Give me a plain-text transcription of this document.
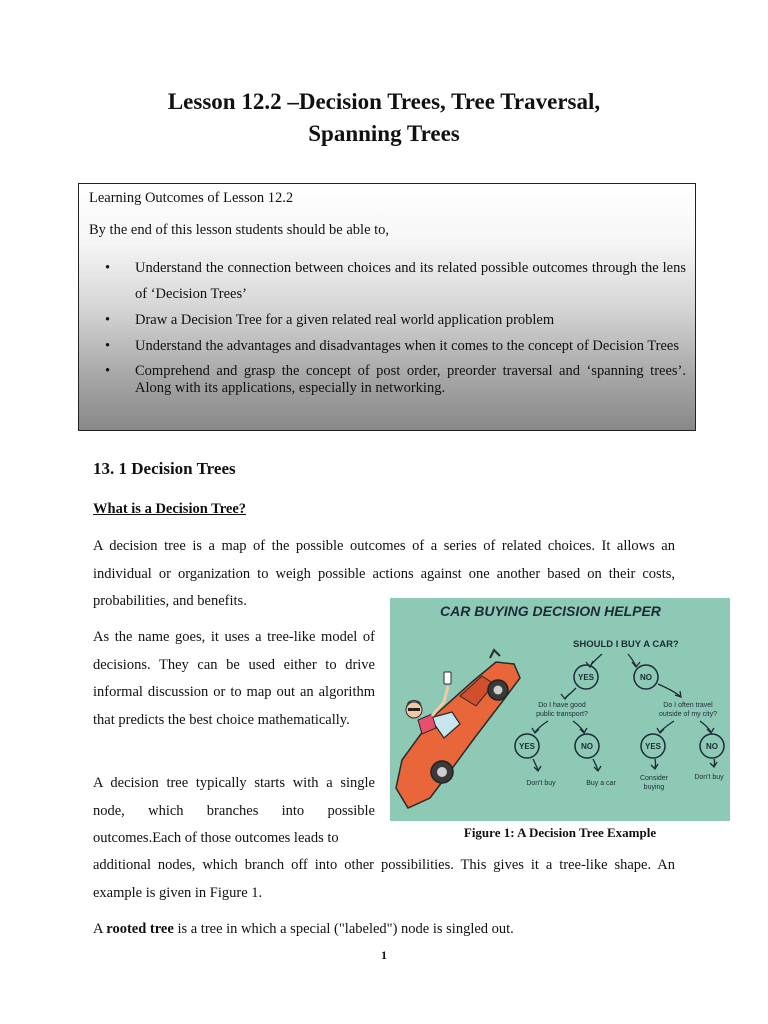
Lesson 12.2 –Decision Trees, Tree Traversal,
Spanning Trees
Learning Outcomes of Lesson 12.2
By the end of this lesson students should be able to,
• Understand the connection between choices and its related possible outcomes through the lens of ‘Decision Trees’
• Draw a Decision Tree for a given related real world application problem
• Understand the advantages and disadvantages when it comes to the concept of Decision Trees
• Comprehend and grasp the concept of post order, preorder traversal and ‘spanning trees’. Along with its applications, especially in networking.
13. 1 Decision Trees
What is a Decision Tree?
A decision tree is a map of the possible outcomes of a series of related choices. It allows an individual or organization to weigh possible actions against one another based on their costs, probabilities, and benefits.
As the name goes, it uses a tree-like model of decisions. They can be used either to drive informal discussion or to map out an algorithm that predicts the best choice mathematically.
A decision tree typically starts with a single node, which branches into possible outcomes.Each of those outcomes leads to
additional nodes, which branch off into other possibilities. This gives it a tree-like shape. An example is given in Figure 1.
A rooted tree is a tree in which a special ("labeled") node is singled out.
CAR BUYING DECISION HELPER
SHOULD I BUY A CAR?
YES	NO
Do I have good
public transport?
Do I often travel
outside of my city?
YES	NO	YES	NO
Don't buy	Buy a car
Consider
buying
Don't buy
Figure 1: A Decision Tree Example
1
